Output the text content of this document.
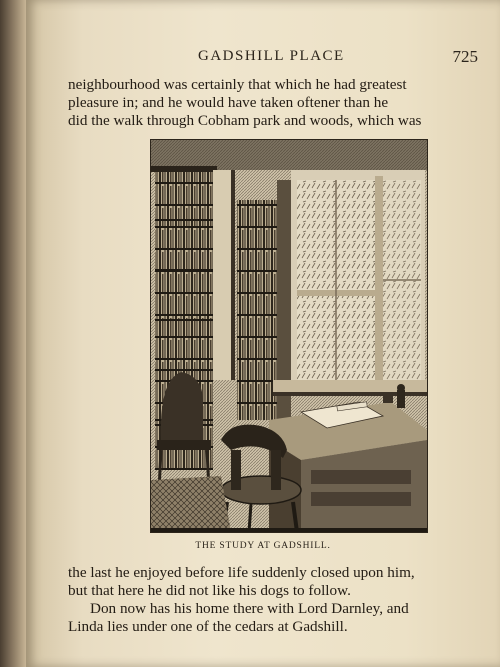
GADSHILL PLACE	725
neighbourhood was certainly that which he had greatest
pleasure in; and he would have taken oftener than he
did the walk through Cobham park and woods, which was
THE STUDY AT GADSHILL.
the last he enjoyed before life suddenly closed upon him,
but that here he did not like his dogs to follow.
Don now has his home there with Lord Darnley, and
Linda lies under one of the cedars at Gadshill.
